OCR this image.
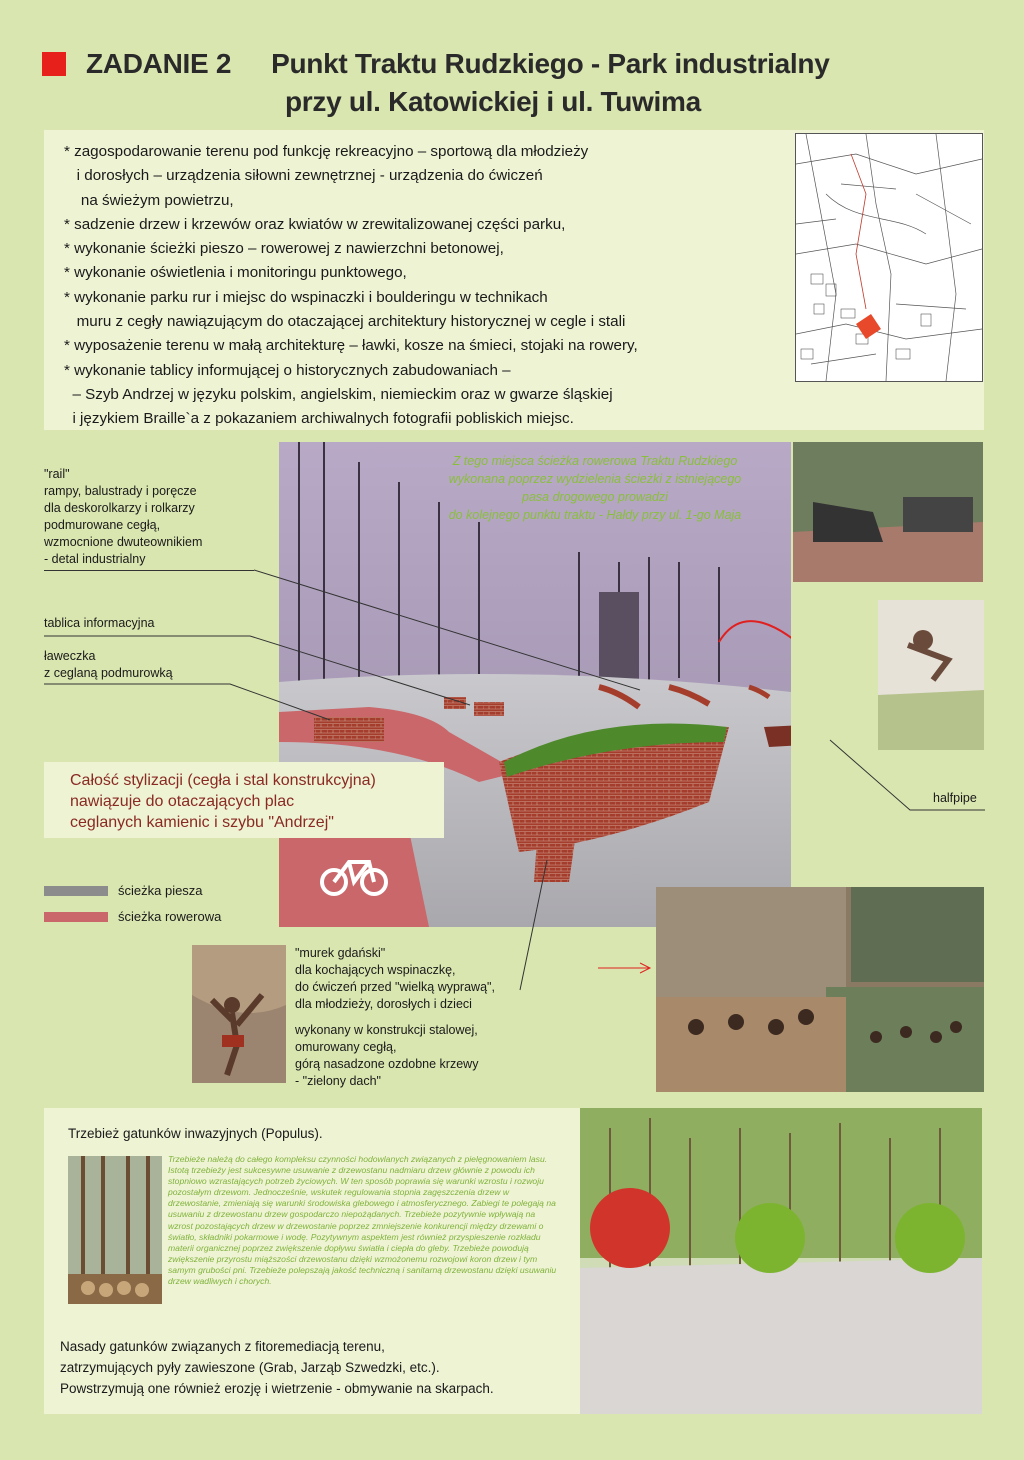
ZADANIE 2 Punkt Traktu Rudzkiego - Park industrialny
przy ul. Katowickiej i ul. Tuwima
* zagospodarowanie terenu pod funkcję rekreacyjno – sportową dla młodzieży
i dorosłych – urządzenia siłowni zewnętrznej - urządzenia do ćwiczeń
na świeżym powietrzu,
* sadzenie drzew i krzewów oraz kwiatów w zrewitalizowanej części parku,
* wykonanie ścieżki pieszo – rowerowej z nawierzchni betonowej,
* wykonanie oświetlenia i monitoringu punktowego,
* wykonanie parku rur i miejsc do wspinaczki i boulderingu w technikach
muru z cegły nawiązującym do otaczającej architektury historycznej w cegle i stali
* wyposażenie terenu w małą architekturę – ławki, kosze na śmieci, stojaki na rowery,
* wykonanie tablicy informującej o historycznych zabudowaniach –
– Szyb Andrzej w języku polskim, angielskim, niemieckim oraz w gwarze śląskiej
i językiem Braille`a z pokazaniem archiwalnych fotografii pobliskich miejsc.
Z tego miejsca ścieżka rowerowa Traktu Rudzkiego
wykonana poprzez wydzielenia ścieżki z istniejącego
pasa drogowego prowadzi
do kolejnego punktu traktu - Hałdy przy ul. 1-go Maja
"rail"
rampy, balustrady i poręcze
dla deskorolkarzy i rolkarzy
podmurowane cegłą,
wzmocnione dwuteownikiem
- detal industrialny
tablica informacyjna
ławeczka
z ceglaną podmurowką
halfpipe
Całość stylizacji (cegła i stal konstrukcyjna)
nawiązuje do otaczających plac
ceglanych kamienic i szybu "Andrzej"
ścieżka piesza
ścieżka rowerowa
"murek gdański"
dla kochających wspinaczkę,
do ćwiczeń przed "wielką wyprawą",
dla młodzieży, dorosłych i dzieci
wykonany w konstrukcji stalowej,
omurowany cegłą,
górą nasadzone ozdobne krzewy
- "zielony dach"
Trzebież gatunków inwazyjnych (Populus).
Trzebieże należą do całego kompleksu czynności hodowlanych związanych z pielęgnowaniem lasu. Istotą trzebieży jest sukcesywne usuwanie z drzewostanu nadmiaru drzew głównie z powodu ich stopniowo wzrastających potrzeb życiowych. W ten sposób poprawia się warunki wzrostu i rozwoju pozostałym drzewom. Jednocześnie, wskutek regulowania stopnia zagęszczenia drzew w drzewostanie, zmieniają się warunki środowiska glebowego i atmosferycznego. Zabiegi te polegają na usuwaniu z drzewostanu drzew gospodarczo niepożądanych. Trzebieże pozytywnie wpływają na wzrost pozostających drzew w drzewostanie poprzez zmniejszenie konkurencji między drzewami o światło, składniki pokarmowe i wodę. Pozytywnym aspektem jest również przyspieszenie rozkładu materii organicznej poprzez zwiększenie dopływu światła i ciepła do gleby. Trzebieże powodują zwiększenie przyrostu miąższości drzewostanu dzięki wzmożonemu rozwojowi koron drzew i tym samym grubości pni. Trzebieże polepszają jakość techniczną i sanitarną drzewostanu dzięki usuwaniu drzew wadliwych i chorych.
Nasady gatunków związanych z fitoremediacją terenu,
zatrzymujących pyły zawieszone (Grab, Jarząb Szwedzki, etc.).
Powstrzymują one również erozję i wietrzenie - obmywanie na skarpach.
